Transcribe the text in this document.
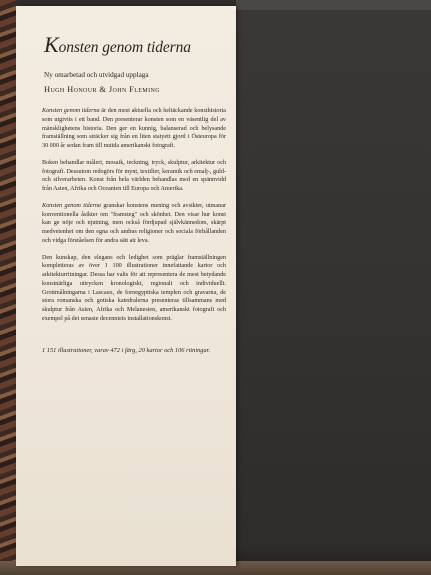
Konsten genom tiderna
Ny omarbetad och utvidgad upplaga
Hugh Honour & John Fleming

Konsten genom tiderna är den mest aktuella och heltäckande konsthistoria som utgivits i ett band. Den presenterar konsten som en väsentlig del av mänsklighetens historia. Den ger en kunnig, balanserad och belysande framställning som sträcker sig från en liten statyett gjord i Östeuropa för 30 000 år sedan fram till nutida amerikanskt fotografi.

Boken behandlar måleri, mosaik, teckning, tryck, skulptur, arkitektur och fotografi. Dessutom redogörs för mynt, textilier, keramik och emalj-, guld- och silverarbeten. Konst från hela världen behandlas med en spännvidd från Asien, Afrika och Oceanien till Europa och Amerika.

Konsten genom tiderna granskar konstens mening och avsikter, utmanar konventionella åsikter om "framsteg" och skönhet. Den visar hur konst kan ge nöje och njutning, men också fördjupad självkännedom, skärpt medvetenhet om den egna och andras religioner och sociala förhållanden och vidga förståelsen för andra sätt att leva.

Den kunskap, den elegans och ledighet som präglar framställningen kompletteras av över 1 100 illustrationer innefattande kartor och arkitekturritningar. Dessa har valts för att representera de mest betydande konstnärliga uttrycken kronologiskt, regionalt och individuellt. Grottmålningarna i Lascaux, de fornegyptiska templen och gravarna, de stora romanska och gotiska katedralerna presenteras tillsammans med skulptur från Asien, Afrika och Melanesien, amerikanskt fotografi och exempel på det senaste decenniets installationskonst.

1 151 illustrationer, varav 472 i färg, 20 kartor och 106 ritningar.
